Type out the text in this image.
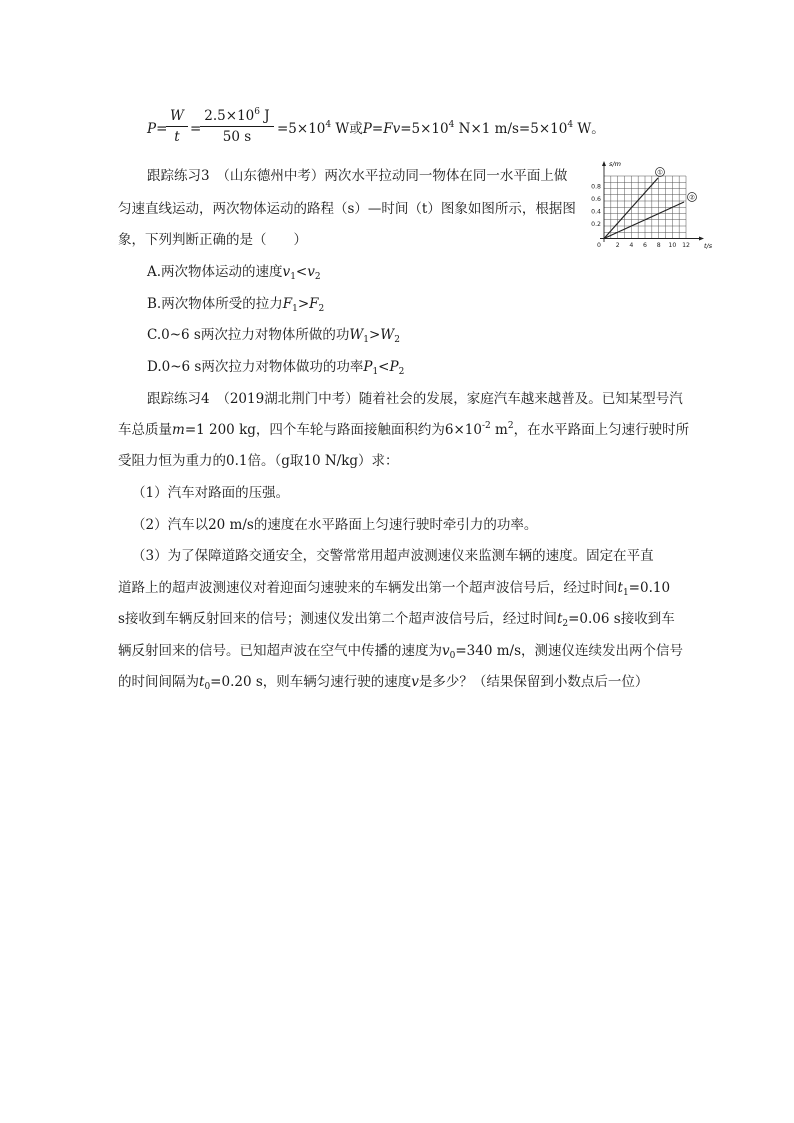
P=
$\frac{W}{t}$ =
$\frac{2.5\times 10^6 J}{50 s} =5\times 10^4$ W或$P=Fv=5\times 10^4$ N×1 $m/s=5\times 10^4$ W。
跟踪练习3　（山东德州中考）两次水平拉动同一物体在同一水平面上做
匀速直线运动，两次物体运动的路程（s）—时间（t）图象如图所示，根据图
象，下列判断正确的是（　　）
A.两次物体运动的速度$v_1<v_2$
B.两次物体所受的拉力$F_1>F_2$
C.0~6 s两次拉力对物体所做的功$W_1>W_2$
D.0~6 s两次拉力对物体做功的功率$P_1<P_2$
①
②
s/m
t/s
0.8
0.6
0.4
0.2
0 2 4 6 8 10 12
跟踪练习4　（2019湖北荆门中考）随着社会的发展，家庭汽车越来越普及。已知某型号汽
车总质量m=1 200 kg，四个车轮与路面接触面积约为$6\times 10^{-2}$ $m^2$，在水平路面上匀速行驶时所
受阻力恒为重力的0.1倍。（g取10 N/kg）求：
（1）汽车对路面的压强。
（2）汽车以20 m/s的速度在水平路面上匀速行驶时牵引力的功率。
（3）为了保障道路交通安全，交警常常用超声波测速仪来监测车辆的速度。固定在平直
道路上的超声波测速仪对着迎面匀速驶来的车辆发出第一个超声波信号后，经过时间$t_1=0.10$
s接收到车辆反射回来的信号；测速仪发出第二个超声波信号后，经过时间$t_2=0.06$ s接收到车
辆反射回来的信号。已知超声波在空气中传播的速度为$v_0=340$ m/s，测速仪连续发出两个信号
的时间间隔为$t_0=0.20$ s，则车辆匀速行驶的速度v是多少？（结果保留到小数点后一位）
